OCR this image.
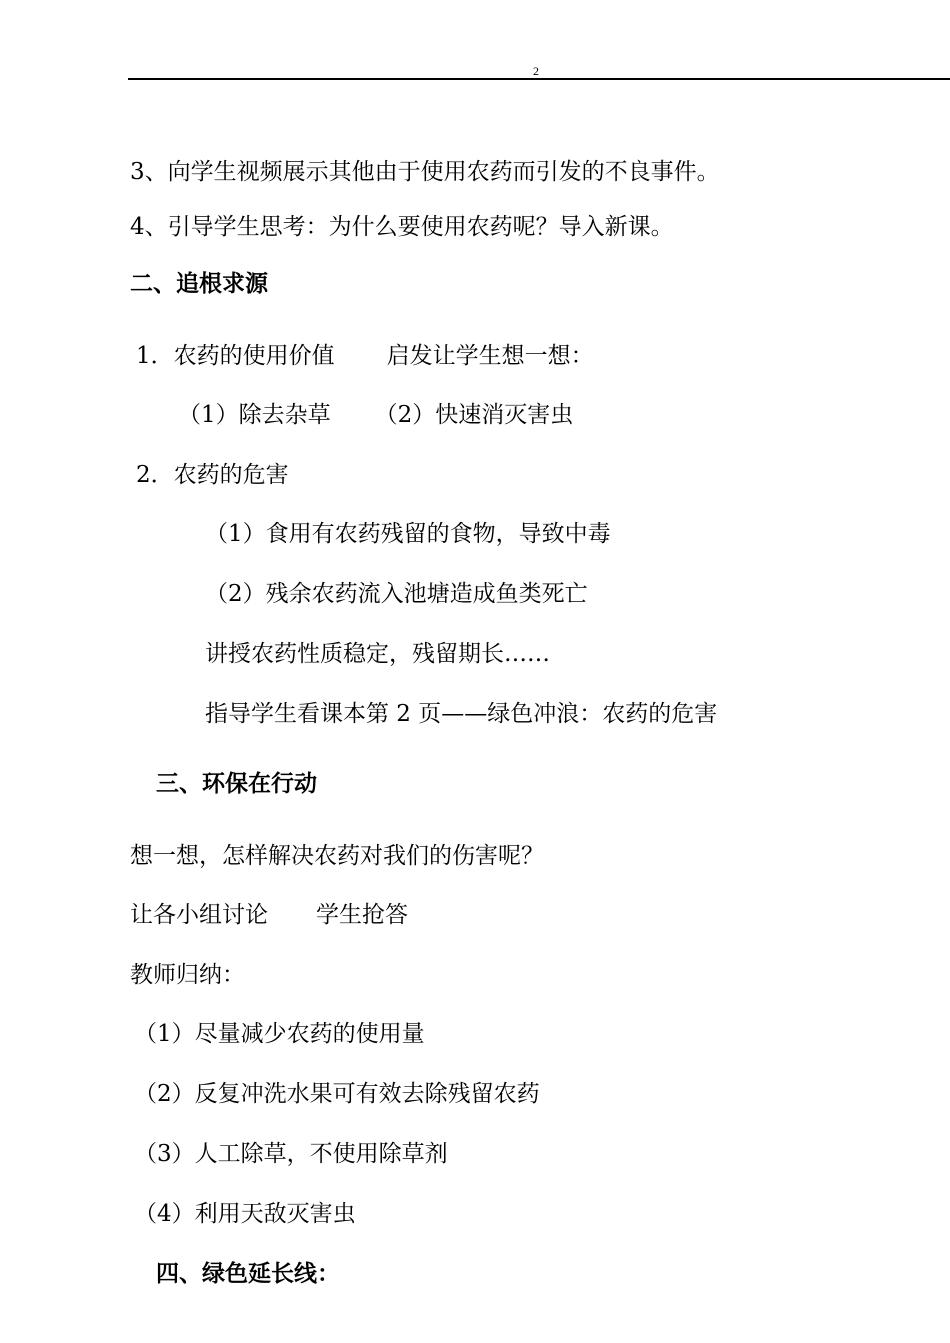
2
3、向学生视频展示其他由于使用农药而引发的不良事件。
4、引导学生思考：为什么要使用农药呢？导入新课。
二、追根求源
1．农药的使用价值 启发让学生想一想：
（1）除去杂草 （2）快速消灭害虫
2．农药的危害
（1）食用有农药残留的食物，导致中毒
（2）残余农药流入池塘造成鱼类死亡
讲授农药性质稳定，残留期长……
指导学生看课本第 2 页——绿色冲浪：农药的危害
三、环保在行动
想一想，怎样解决农药对我们的伤害呢？
让各小组讨论 学生抢答
教师归纳：
（1）尽量减少农药的使用量
（2）反复冲洗水果可有效去除残留农药
（3）人工除草，不使用除草剂
（4）利用天敌灭害虫
四、绿色延长线：
